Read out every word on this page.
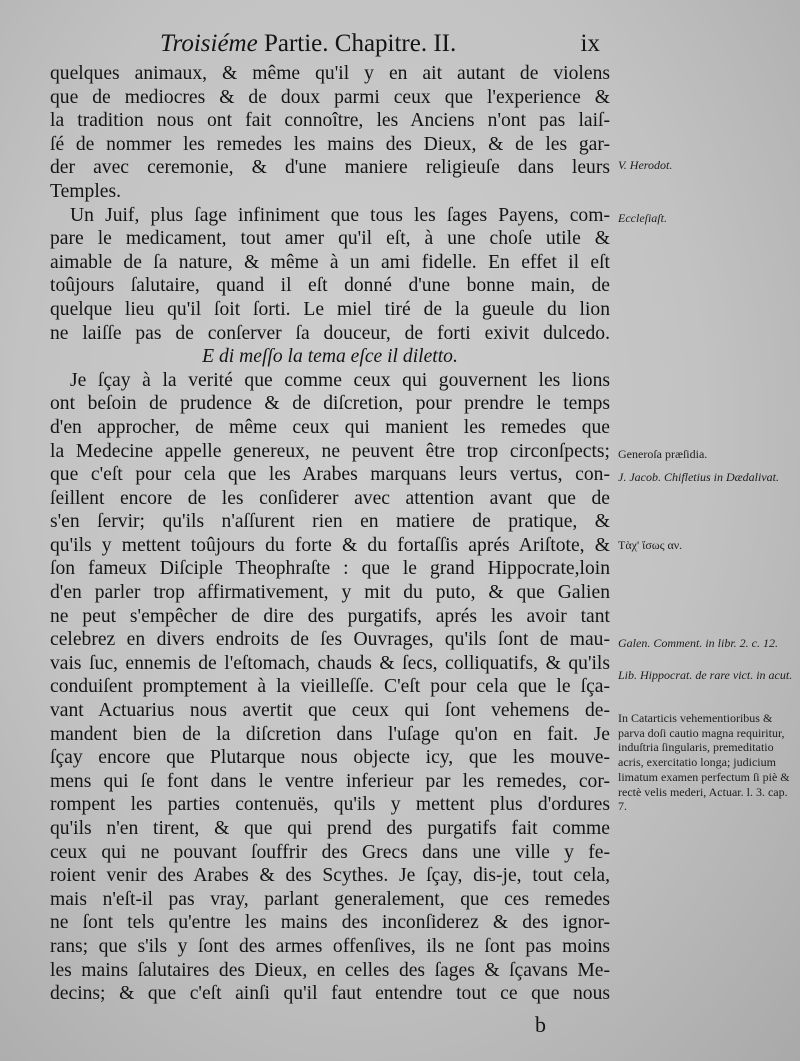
Troisiéme Partie. Chapitre. II.	ix
quelques animaux, & même qu'il y en ait autant de violens
que de mediocres & de doux parmi ceux que l'experience &
la tradition nous ont fait connoître, les Anciens n'ont pas laiſ-
ſé de nommer les remedes les mains des Dieux, & de les gar-
der avec ceremonie, & d'une maniere religieuſe dans leurs
Temples.
Un Juif, plus ſage infiniment que tous les ſages Payens, com-
pare le medicament, tout amer qu'il eſt, à une choſe utile &
aimable de ſa nature, & même à un ami fidelle. En effet il eſt
toûjours ſalutaire, quand il eſt donné d'une bonne main, de
quelque lieu qu'il ſoit ſorti. Le miel tiré de la gueule du lion
ne laiſſe pas de conſerver ſa douceur, de forti exivit dulcedo.
E di meſſo la tema eſce il diletto.
Je ſçay à la verité que comme ceux qui gouvernent les lions
ont beſoin de prudence & de diſcretion, pour prendre le temps
d'en approcher, de même ceux qui manient les remedes que
la Medecine appelle genereux, ne peuvent être trop circonſpects;
que c'eſt pour cela que les Arabes marquans leurs vertus, con-
ſeillent encore de les conſiderer avec attention avant que de
s'en ſervir; qu'ils n'aſſurent rien en matiere de pratique, &
qu'ils y mettent toûjours du forte & du fortaſſis aprés Ariſtote, &
ſon fameux Diſciple Theophraſte : que le grand Hippocrate,loin
d'en parler trop affirmativement, y mit du puto, & que Galien
ne peut s'empêcher de dire des purgatifs, aprés les avoir tant
celebrez en divers endroits de ſes Ouvrages, qu'ils ſont de mau-
vais ſuc, ennemis de l'eſtomach, chauds & ſecs, colliquatifs, & qu'ils
conduiſent promptement à la vieilleſſe. C'eſt pour cela que le ſça-
vant Actuarius nous avertit que ceux qui ſont vehemens de-
mandent bien de la diſcretion dans l'uſage qu'on en fait. Je
ſçay encore que Plutarque nous objecte icy, que les mouve-
mens qui ſe font dans le ventre inferieur par les remedes, cor-
rompent les parties contenuës, qu'ils y mettent plus d'ordures
qu'ils n'en tirent, & que qui prend des purgatifs fait comme
ceux qui ne pouvant ſouffrir des Grecs dans une ville y fe-
roient venir des Arabes & des Scythes. Je ſçay, dis-je, tout cela,
mais n'eſt-il pas vray, parlant generalement, que ces remedes
ne ſont tels qu'entre les mains des inconſiderez & des ignor-
rans; que s'ils y ſont des armes offenſives, ils ne ſont pas moins
les mains ſalutaires des Dieux, en celles des ſages & ſçavans Me-
decins; & que c'eſt ainſi qu'il faut entendre tout ce que nous
V. Herodot.
Eccleſiaſt.
Generoſa præſidia.
J. Jacob. Chifletius in Dædalivat.
Τὰχ' ἴσως αν.
Galen. Comment. in libr. 2. c. 12.
Lib. Hippocrat. de rare vict. in acut.
In Catarticis vehementioribus & parva doſi cautio magna requiritur, induſtria ſingularis, premeditatio acris, exercitatio longa; judicium limatum examen perfectum ſi piè & rectè velis mederi, Actuar. l. 3. cap. 7.
b
